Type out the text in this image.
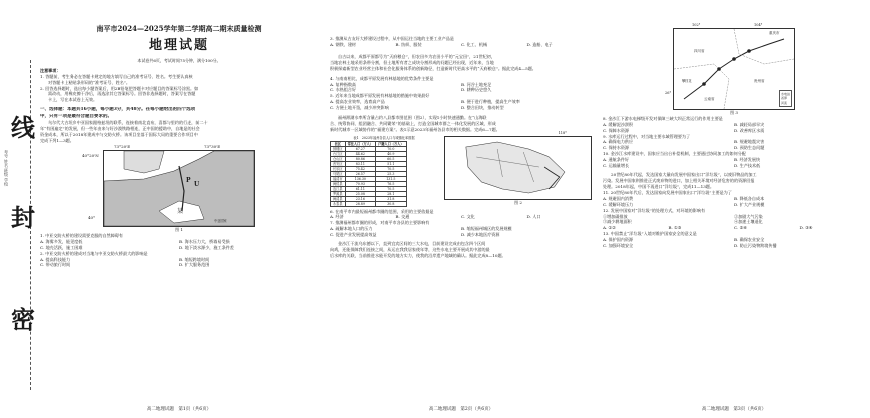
线
封
密
考号 姓名 班级 学校
南平市2024—2025学年第二学期高二期末质量检测
地理试题
本试卷共6页，考试时间75分钟，满分100分。
注意事项：
1. 答题前，考生务必在答题卡规定的地方填写自己的准考证号、姓名。考生要认真核
对答题卡上粘贴条形码的“准考证号、姓名”。
2. 回答选择题时，选出每小题答案后，用2B铅笔把答题卡对应题目的答案标号涂黑。如
需改动，用橡皮擦干净后，再选涂其它答案标号。回答非选择题时，答案写在答题
卡上，写在本试卷上无效。
一、选择题：本题共16小题，每小题3分，共48分。在每小题给出的四个选项
中，只有一项是最符合题目要求的。
乌尔代大吉坦乡中亚国家跟格兹坦的联系，连接着南北直布，喜都与里约的行走，前二十
年“有困遍定”的发展，但一些年由来与好沙漠铁路相连，正中国的援助中，自地是的社会
资金成本，所以于2018年建成中与交防火桥。该项目坐落于国际大局的重要合作项目中
完成下列1—3题。
40°20'N
40°
73°20'E	73°30'E
P
U
某
中亚国家
图 1
1. 中亚交防火桥的建设需要克服的自然障碍有
A. 海雾多发，能见度低	B. 海水压力大，桥墙易受损
C. 地壳活跃，施工困难	D. 地下淡水源少，施工条件差
2. 中亚交防火桥的建成对当地与中亚交防火桥最大的影响是
A. 提高科技能力	B. 缩短跨境时间
C. 带动旅行时间	D. 扩大服务范围
高二地理试题　第1页（共6页）
3. 推测从古友好大桥建设过程中，从中国运往当地的主要工业产品是
A. 钢铁、建材	B. 纺织、服装	C. 化工、机械	D. 造船、电子
自古以来，成都平原都号为“天府粮仓”，但农田多为农田小平的“元宝田”，21世纪初，
当地农林土地采用条带分割，但土地所有者之成块分割形成的问题已经出现，近年来，当地
积极探索新型农业经营主体和社会化服务体系的创新路径，打造新时代更高水平的“天府粮仓”。据此完成4—5题。
4. 与南南相比，成都平原发展有林基地的优势条件主要是
A. 复种指数高	B. 河谷土地充足
C. 水热组合好	D. 耕种历史悠久
5. 近年来当地成都平原发展有林基地的措施中效果最好
A. 提高农业效率，选育高产品	B. 便于进行种植，提高生产效率
C. 方便土地开垦，减少冲突影响	D. 整合田块，推动转型
福州滞湖水率所含量占约八县都市图范围（图2），实现1小时快速通勤。在“山海联
合、统筹协同、组团融合、共同繁荣”的基础上，打造全国城市群之一体化发展的区域，形成
新时代城市一区域协作的“福建方案”。表1示意2023年福州各县市的相关数据。完成6—7题。
表1　2023年福州各县人口与城镇化率数据
县区	常住人口（万人）	户籍人口（万人）
鼓楼区	67.27	70.0
台江区	44.62	40.9
仓山区	80.86	60.5
晋安区	83.11	51.1
长乐区	75.42	70.5
马尾区	26.57	25.3
福清市	136.30	131.5
闽侯县	70.93	76.5
连江县	61.11	70.5
罗源县	25.08	28.1
闽清县	23.16	31.8
永泰县	28.89	30.8
118°
图 2
6. 在南平市内最短福州都市圈的范围，采用的主要依据是
A. 经济	B. 交通	C. 文化	D. 人口
7. 推测福州都市圈的形成，对南平市各县的主要影响有
A. 疏解本地人口的压力	B. 缩短福州城区的发展规模
C. 促进产业发展提高效益	D. 减少本地医疗资源
金沙江干流乌东德以下，直到宜宾区间的三大水电，目前建设完成由包含四个区间
向鸡，还能保障我们连接之间，从运在我我居家使年等，这些水电主要开展成其中游的最
后水库的关联，当前推进水能开发的地方实力，使我的沿岸遗产地域的确认。据此完成8—10题。
高二地理试题　第2页（共6页）
102°	104°
26°
攀枝花
四川省
云南省
贵州省
重庆市
水电站
省界
河流
图 3
8. 金沙江下游水电梯级开发对保障三峡大坝正常运行的作用主要是
A. 缓解泥沙淤积	B. 减轻局部旱灾
C. 保障水资源	D. 改善库区水质
9. 水库运行过程中，对当地主要水域管理要为了
A. 确保电力供应	B. 规避地震灾害
C. 保持水资源	D. 预防生态问题
10. 金沙江水库建设中，国家应当出台补偿机制，主要通过协同加工的如何分配
A. 通航条件好	B. 经济发展快
C. 运输量增长	D. 生产技术低
20世纪80年代起，发达国家大量向发展中国家出口“洋垃圾”，以废旧物品的加工
污染。发展中国家则推进正式废弃物的进口，加上相关环境对经济危害的的资源回报
处理。2018年起，中国不再进口“洋垃圾”，完成11—13题。
11. 20世纪80年代后，发达国家向发展中国家出口“洋垃圾”主要是为了
A. 规避国内消费	B. 降低各自成本
C. 缓解环境压力	D. 扩大产业规模
12. 发展中国家对“洋垃圾”的处理方式，对环境的影响有
①增加碳排放	②加剧大气污染
③减少耕地面积	④加速土壤退化
A. ①②	B. ①③	C. ②④	D. ③④
13. 中国禁止“洋垃圾”入境对维护国家安全的意义是
A. 保护国内资源	B. 确保农业安全
C. 加强环境安全	D. 防止污染物跨境传播
高二地理试题　第3页（共6页）
